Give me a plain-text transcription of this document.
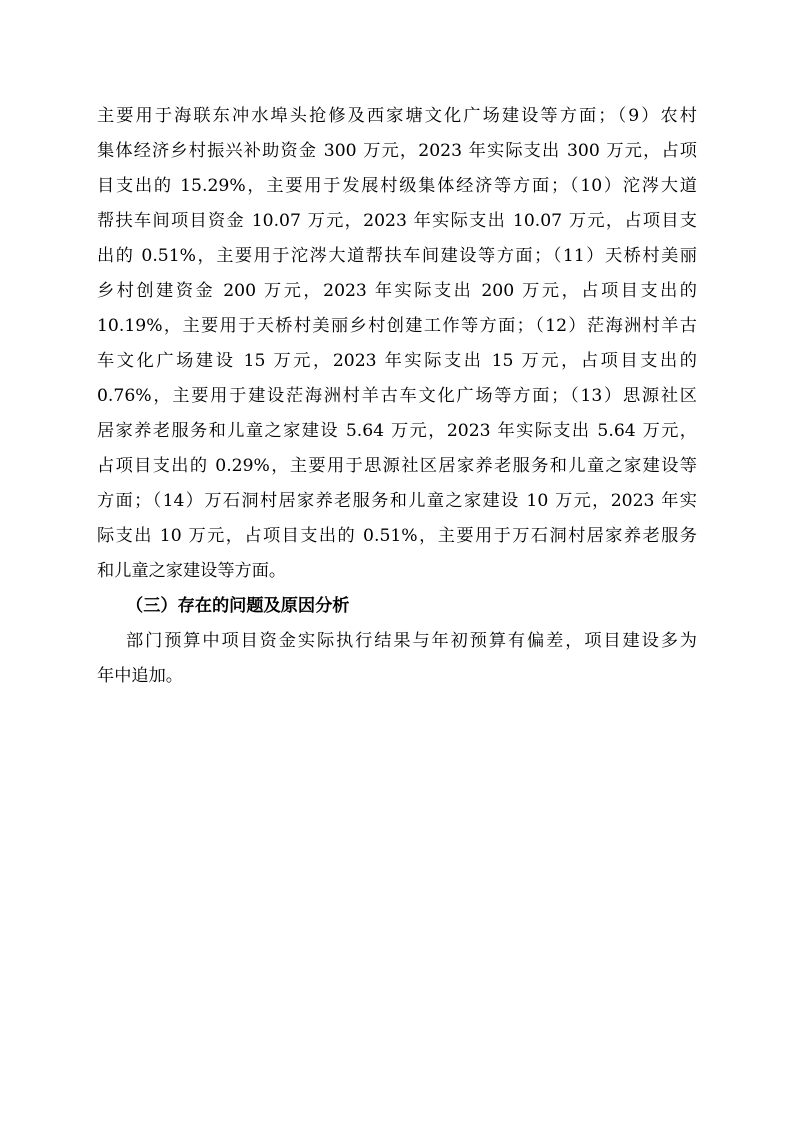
主要用于海联东冲水埠头抢修及西家塘文化广场建设等方面；（9）农村
集体经济乡村振兴补助资金 300 万元，2023 年实际支出 300 万元，占项
目支出的 15.29%，主要用于发展村级集体经济等方面；（10）沱涔大道
帮扶车间项目资金 10.07 万元，2023 年实际支出 10.07 万元，占项目支
出的 0.51%，主要用于沱涔大道帮扶车间建设等方面；（11）天桥村美丽
乡村创建资金 200 万元，2023 年实际支出 200 万元，占项目支出的
10.19%，主要用于天桥村美丽乡村创建工作等方面；（12）茫海洲村羊古
车文化广场建设 15 万元，2023 年实际支出 15 万元，占项目支出的
0.76%，主要用于建设茫海洲村羊古车文化广场等方面；（13）思源社区
居家养老服务和儿童之家建设 5.64 万元，2023 年实际支出 5.64 万元，
占项目支出的 0.29%，主要用于思源社区居家养老服务和儿童之家建设等
方面；（14）万石洞村居家养老服务和儿童之家建设 10 万元，2023 年实
际支出 10 万元，占项目支出的 0.51%，主要用于万石洞村居家养老服务
和儿童之家建设等方面。
（三）存在的问题及原因分析
部门预算中项目资金实际执行结果与年初预算有偏差，项目建设多为
年中追加。
